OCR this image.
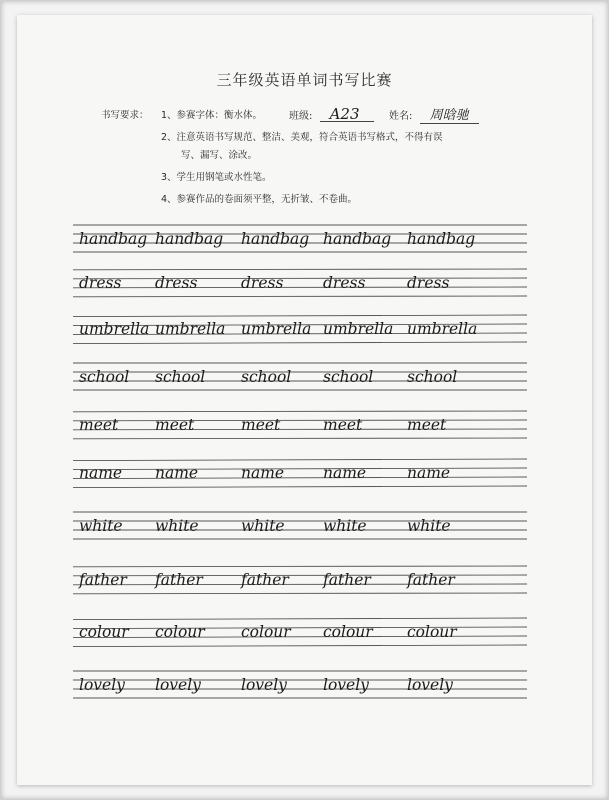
三年级英语单词书写比赛
班级: A23	姓名: 周晗驰
书写要求： 1、参赛字体：衡水体。
2、注意英语书写规范、整洁、美观，符合英语书写格式，不得有误
写、漏写、涂改。
3、学生用钢笔或水性笔。
4、参赛作品的卷面须平整，无折皱、不卷曲。
handbag handbag handbag handbag handbag
dress dress	dress	dress	dress
umbrella umbrella umbrella umbrella umbrella
school school school school school
meet meet	meet	meet	meet
name name	name	name	name
white white	white white	white
father father father father father
colour colour colour colour colour
lovely lovely	lovely lovely lovely
